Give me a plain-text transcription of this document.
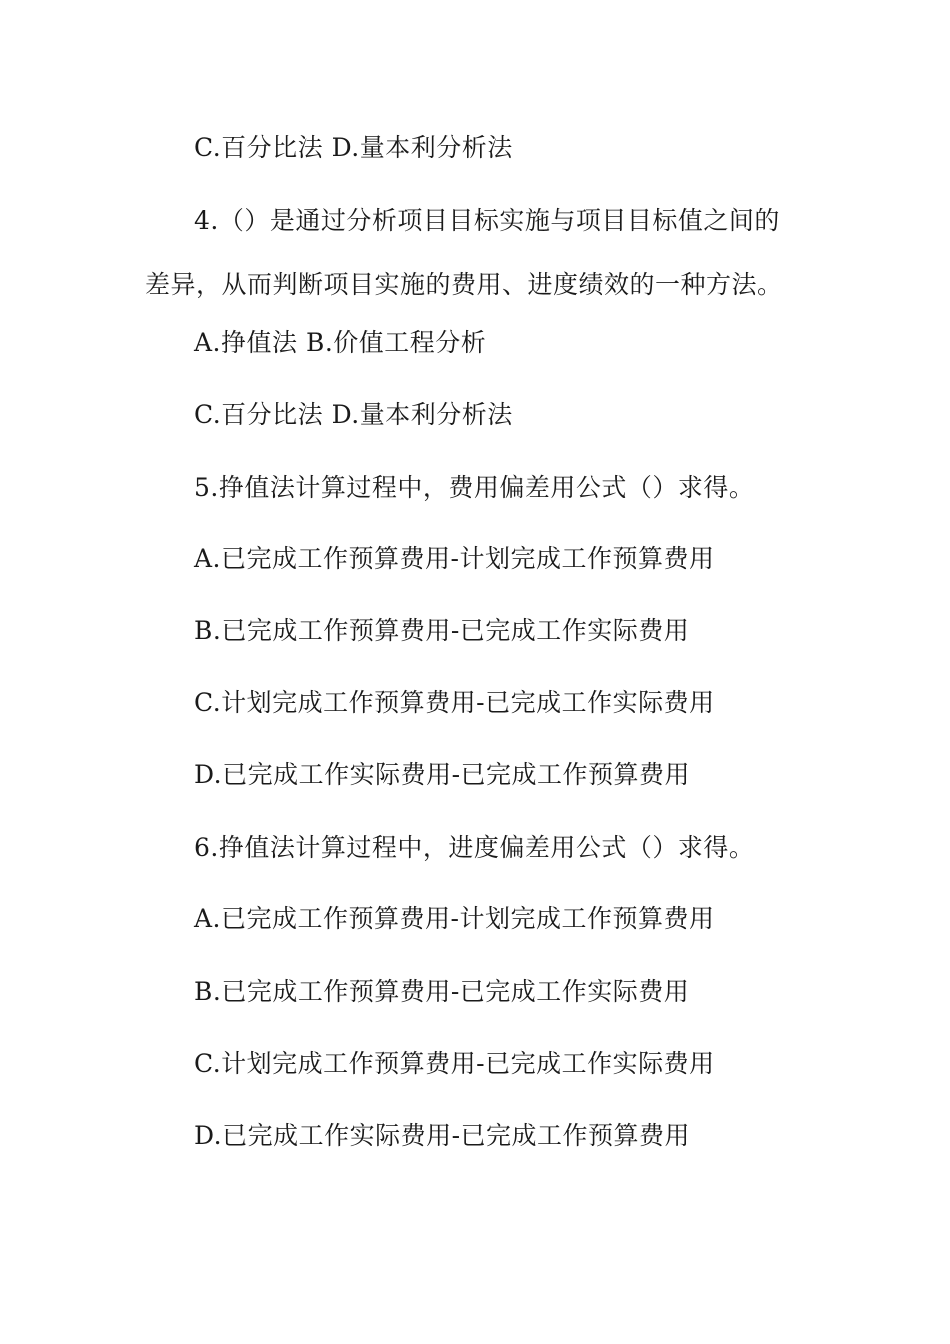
C.百分比法 D.量本利分析法
4.（）是通过分析项目目标实施与项目目标值之间的
差异，从而判断项目实施的费用、进度绩效的一种方法。
A.挣值法 B.价值工程分析
C.百分比法 D.量本利分析法
5.挣值法计算过程中，费用偏差用公式（）求得。
A.已完成工作预算费用-计划完成工作预算费用
B.已完成工作预算费用-已完成工作实际费用
C.计划完成工作预算费用-已完成工作实际费用
D.已完成工作实际费用-已完成工作预算费用
6.挣值法计算过程中，进度偏差用公式（）求得。
A.已完成工作预算费用-计划完成工作预算费用
B.已完成工作预算费用-已完成工作实际费用
C.计划完成工作预算费用-已完成工作实际费用
D.已完成工作实际费用-已完成工作预算费用
